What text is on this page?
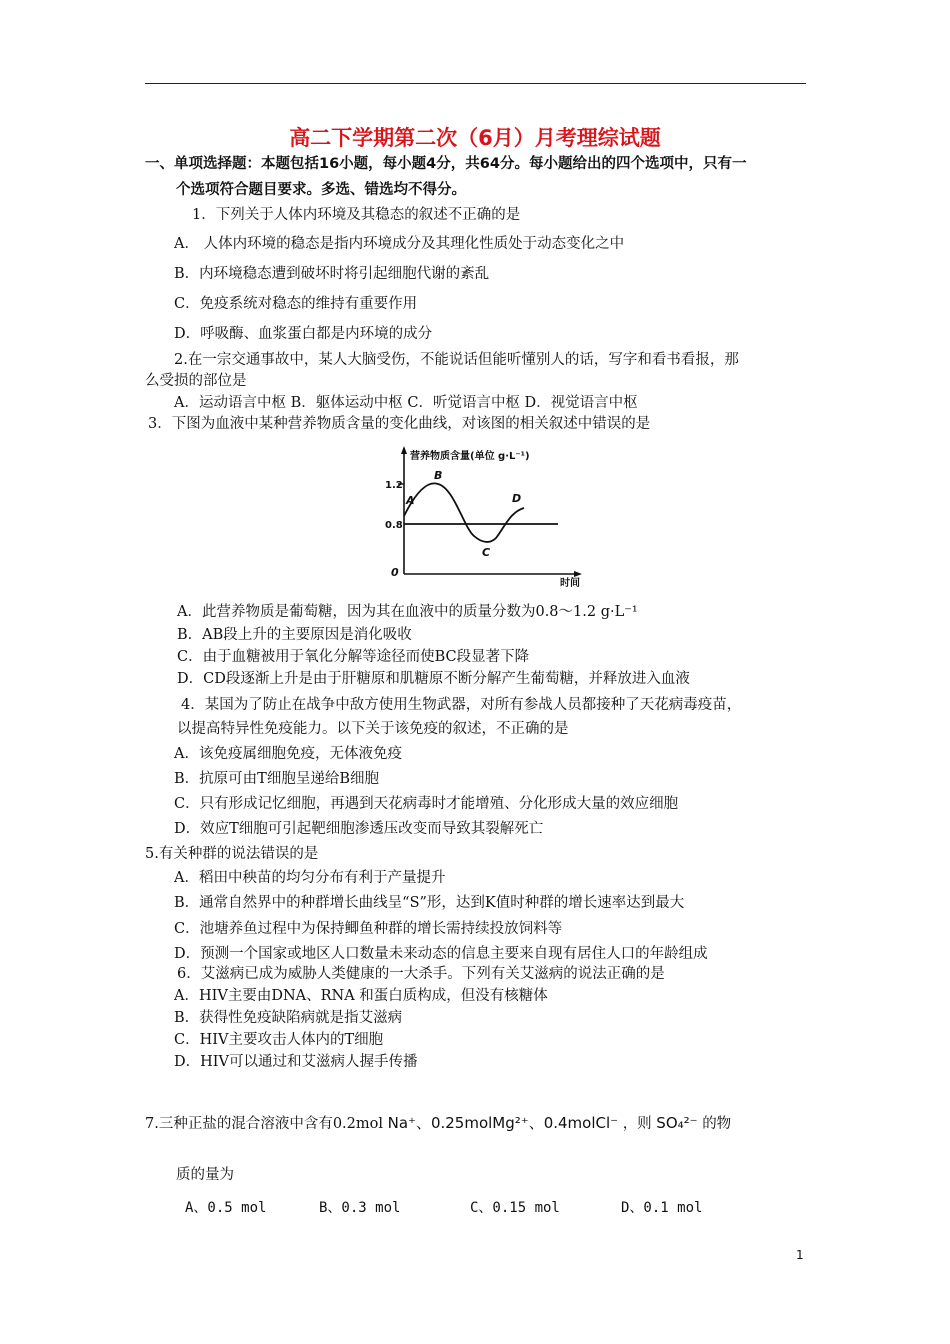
高二下学期第二次（6月）月考理综试题
一、单项选择题：本题包括16小题，每小题4分，共64分。每小题给出的四个选项中，只有一
个选项符合题目要求。多选、错选均不得分。
1．下列关于人体内环境及其稳态的叙述不正确的是
A． 人体内环境的稳态是指内环境成分及其理化性质处于动态变化之中
B．内环境稳态遭到破坏时将引起细胞代谢的紊乱
C．免疫系统对稳态的维持有重要作用
D．呼吸酶、血浆蛋白都是内环境的成分
2.在一宗交通事故中，某人大脑受伤，不能说话但能听懂别人的话，写字和看书看报，那
么受损的部位是
A．运动语言中枢 B．躯体运动中枢 C．听觉语言中枢 D．视觉语言中枢
3．下图为血液中某种营养物质含量的变化曲线，对该图的相关叙述中错误的是
营养物质含量(单位 g·L⁻¹)
1.2
0.8
0
A
B
C
D
时间
A．此营养物质是葡萄糖，因为其在血液中的质量分数为0.8～1.2 g·L⁻¹
B．AB段上升的主要原因是消化吸收
C．由于血糖被用于氧化分解等途径而使BC段显著下降
D．CD段逐渐上升是由于肝糖原和肌糖原不断分解产生葡萄糖，并释放进入血液
4．某国为了防止在战争中敌方使用生物武器，对所有参战人员都接种了天花病毒疫苗，
以提高特异性免疫能力。以下关于该免疫的叙述，不正确的是
A．该免疫属细胞免疫，无体液免疫
B．抗原可由T细胞呈递给B细胞
C．只有形成记忆细胞，再遇到天花病毒时才能增殖、分化形成大量的效应细胞
D．效应T细胞可引起靶细胞渗透压改变而导致其裂解死亡
5.有关种群的说法错误的是
A．稻田中秧苗的均匀分布有利于产量提升
B．通常自然界中的种群增长曲线呈“S”形，达到K值时种群的增长速率达到最大
C．池塘养鱼过程中为保持鲫鱼种群的增长需持续投放饲料等
D．预测一个国家或地区人口数量未来动态的信息主要来自现有居住人口的年龄组成
6．艾滋病已成为威胁人类健康的一大杀手。下列有关艾滋病的说法正确的是
A．HIV主要由DNA、RNA 和蛋白质构成，但没有核糖体
B．获得性免疫缺陷病就是指艾滋病
C．HIV主要攻击人体内的T细胞
D．HIV可以通过和艾滋病人握手传播
7.三种正盐的混合溶液中含有0.2mol Na⁺、0.25molMg²⁺、0.4molCl⁻ ，则 SO₄²⁻ 的物
质的量为
A、0.5 mol	B、0.3 mol	C、0.15 mol	D、0.1 mol
1
